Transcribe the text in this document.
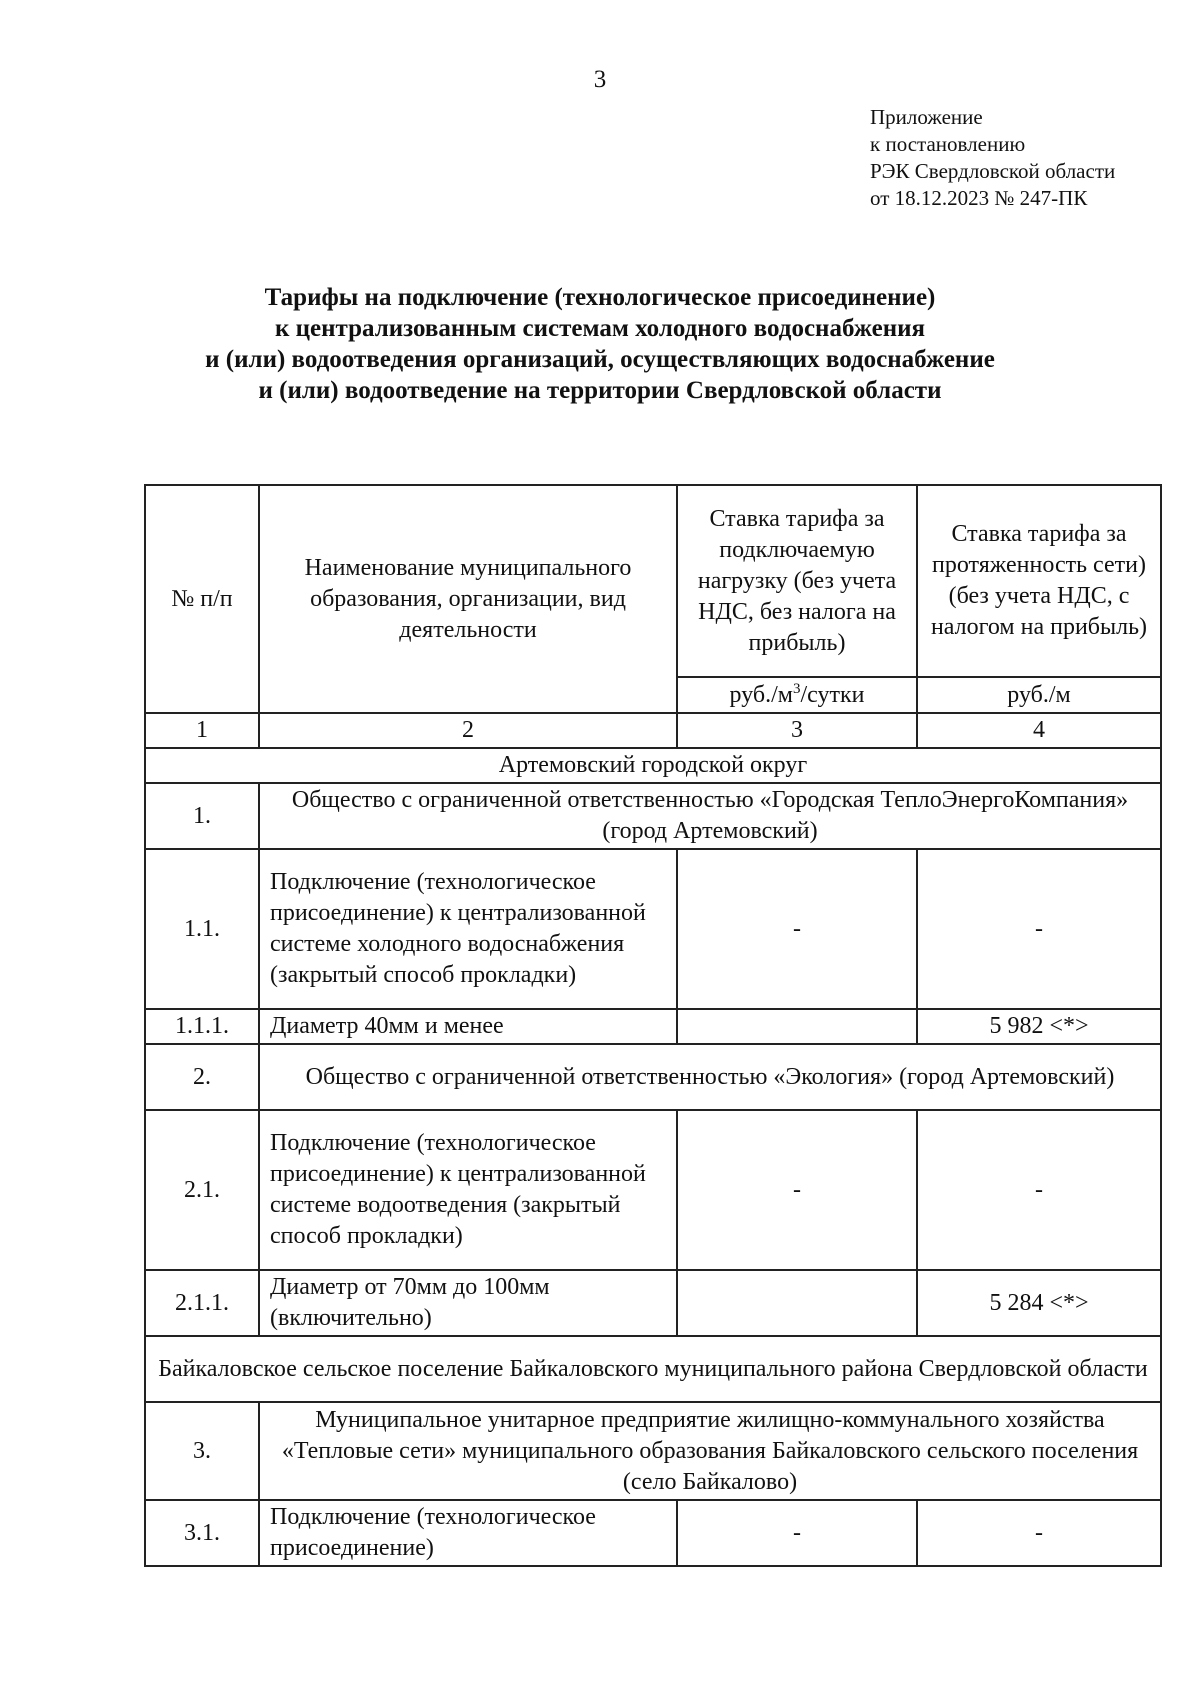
3
Приложение
к постановлению
РЭК Свердловской области
от 18.12.2023 № 247-ПК
Тарифы на подключение (технологическое присоединение)
к централизованным системам холодного водоснабжения
и (или) водоотведения организаций, осуществляющих водоснабжение
и (или) водоотведение на территории Свердловской области
№ п/п	Наименование муниципального образования, организации, вид деятельности	Ставка тарифа за подключаемую нагрузку (без учета НДС, без налога на прибыль)	Ставка тарифа за протяженность сети) (без учета НДС, с налогом на прибыль)
		$руб./м^3$/сутки	руб./м
1	2	3	4
Артемовский городской округ			
1.	Общество с ограниченной ответственностью «Городская ТеплоЭнергоКомпания» (город Артемовский)		
1.1.	Подключение (технологическое присоединение) к централизованной системе холодного водоснабжения (закрытый способ прокладки)	-	-
1.1.1.	Диаметр 40мм и менее		5 982 <*>
2.	Общество с ограниченной ответственностью «Экология» (город Артемовский)		
2.1.	Подключение (технологическое присоединение) к централизованной системе водоотведения (закрытый способ прокладки)	-	-
2.1.1.	Диаметр от 70мм до 100мм (включительно)		5 284 <*>
Байкаловское сельское поселение Байкаловского муниципального района Свердловской области			
3.	Муниципальное унитарное предприятие жилищно-коммунального хозяйства «Тепловые сети» муниципального образования Байкаловского сельского поселения (село Байкалово)		
3.1.	Подключение (технологическое присоединение)	-	-
